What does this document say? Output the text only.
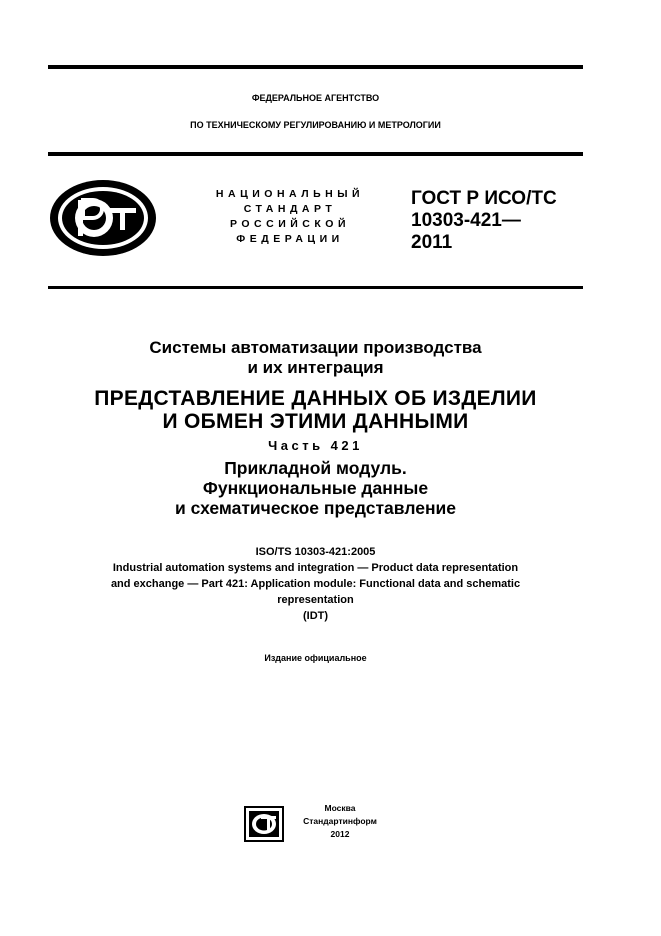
ФЕДЕРАЛЬНОЕ АГЕНТСТВО
ПО ТЕХНИЧЕСКОМУ РЕГУЛИРОВАНИЮ И МЕТРОЛОГИИ
НАЦИОНАЛЬНЫЙ
СТАНДАРТ
РОССИЙСКОЙ
ФЕДЕРАЦИИ
ГОСТ Р ИСО/ТС
10303-421—
2011
Системы автоматизации производства
и их интеграция
ПРЕДСТАВЛЕНИЕ ДАННЫХ ОБ ИЗДЕЛИИ
И ОБМЕН ЭТИМИ ДАННЫМИ
Часть 421
Прикладной модуль.
Функциональные данные
и схематическое представление
ISO/TS 10303-421:2005
Industrial automation systems and integration — Product data representation
and exchange — Part 421: Application module: Functional data and schematic
representation
(IDT)
Издание официальное
Москва
Стандартинформ
2012
